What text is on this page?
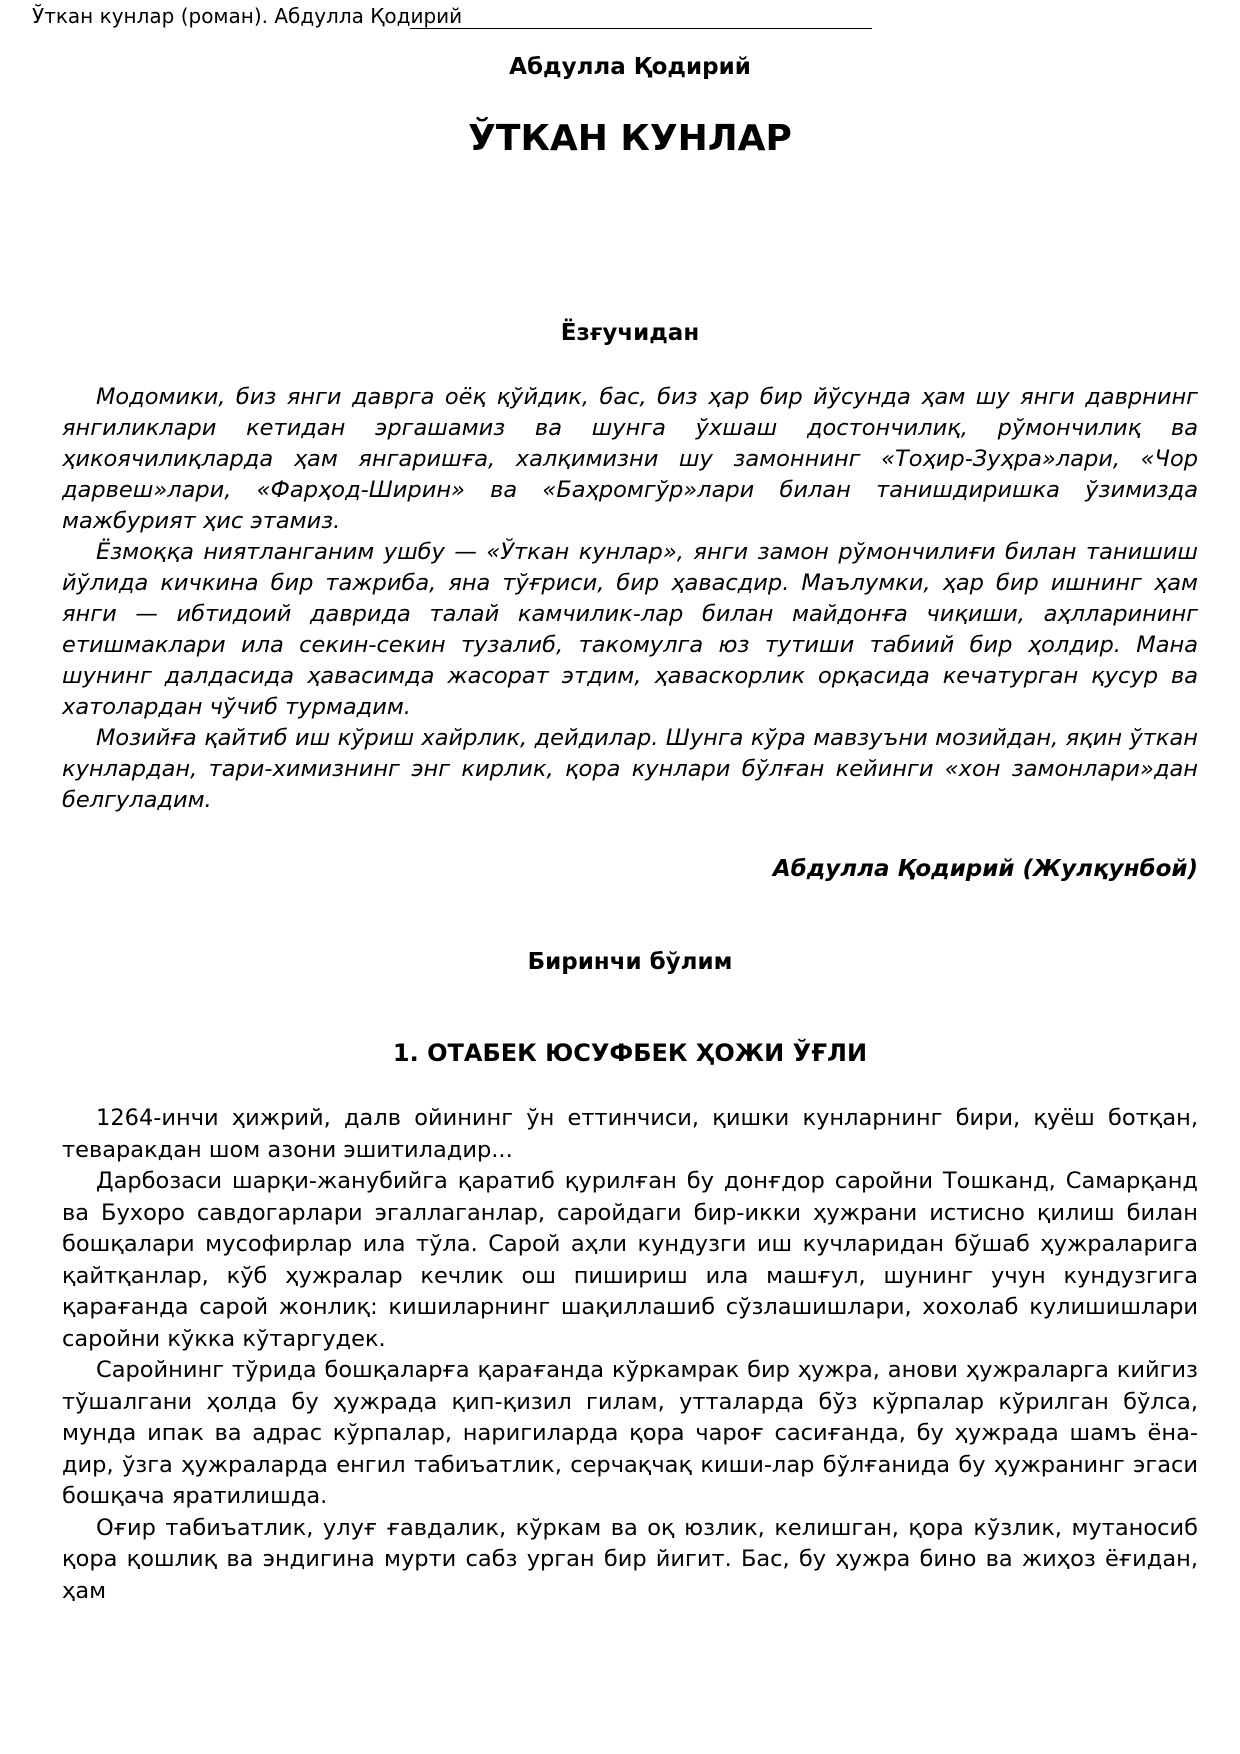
Ўткан кунлар (роман). Абдулла Қодирий
Абдулла Қодирий
ЎТКАН КУНЛАР
Ёзғучидан

Модомики, биз янги даврга оёқ қўйдик, бас, биз ҳар бир йўсунда ҳам шу янги даврнинг янгиликлари кетидан эргашамиз ва шунга ўхшаш достончилиқ, рўмончилиқ ва ҳикоячилиқларда ҳам янгаришға, халқимизни шу замоннинг «Тоҳир-Зуҳра»лари, «Чор дарвеш»лари, «Фарҳод-Ширин» ва «Баҳромгўр»лари билан танишдиришка ўзимизда мажбурият ҳис этамиз.

Ёзмоққа ниятланганим ушбу — «Ўткан кунлар», янги замон рўмончилиғи билан танишиш йўлида кичкина бир тажриба, яна тўғриси, бир ҳавасдир. Маълумки, ҳар бир ишнинг ҳам янги — ибтидоий даврида талай камчилик-лар билан майдонға чиқиши, аҳлларининг етишмаклари ила секин-секин тузалиб, такомулга юз тутиши табиий бир ҳолдир. Мана шунинг далдасида ҳавасимда жасорат этдим, ҳаваскорлик орқасида кечатурган қусур ва хатолардан чўчиб турмадим.

Мозийға қайтиб иш кўриш хайрлик, дейдилар. Шунга кўра мавзуъни мозийдан, яқин ўткан кунлардан, тари-химизнинг энг кирлик, қора кунлари бўлған кейинги «хон замонлари»дан белгуладим.

Абдулла Қодирий (Жулқунбой)
Биринчи бўлим
1. ОТАБЕК ЮСУФБЕК ҲОЖИ ЎҒЛИ

1264-инчи ҳижрий, далв ойининг ўн еттинчиси, қишки кунларнинг бири, қуёш ботқан, теваракдан шом азони эшитиладир...

Дарбозаси шарқи-жанубийга қаратиб қурилған бу донғдор саройни Тошканд, Самарқанд ва Бухоро савдогарлари эгаллаганлар, саройдаги бир-икки ҳужрани истисно қилиш билан бошқалари мусофирлар ила тўла. Сарой аҳли кундузги иш кучларидан бўшаб ҳужраларига қайтқанлар, кўб ҳужралар кечлик ош пишириш ила машғул, шунинг учун кундузгига қарағанда сарой жонлиқ: кишиларнинг шақиллашиб сўзлашишлари, хохолаб кулишишлари саройни кўкка кўтаргудек.

Саройнинг тўрида бошқаларға қарағанда кўркамрак бир ҳужра, анови ҳужраларга кийгиз тўшалгани ҳолда бу ҳужрада қип-қизил гилам, утталарда бўз кўрпалар кўрилган бўлса, мунда ипак ва адрас кўрпалар, наригиларда қора чароғ сасиғанда, бу ҳужрада шамъ ёна-дир, ўзга ҳужраларда енгил табиъатлик, серчақчақ киши-лар бўлғанида бу ҳужранинг эгаси бошқача яратилишда.

Оғир табиъатлик, улуғ ғавдалик, кўркам ва оқ юзлик, келишган, қора кўзлик, мутаносиб қора қошлиқ ва эндигина мурти сабз урган бир йигит. Бас, бу ҳужра бино ва жиҳоз ёғидан, ҳам
